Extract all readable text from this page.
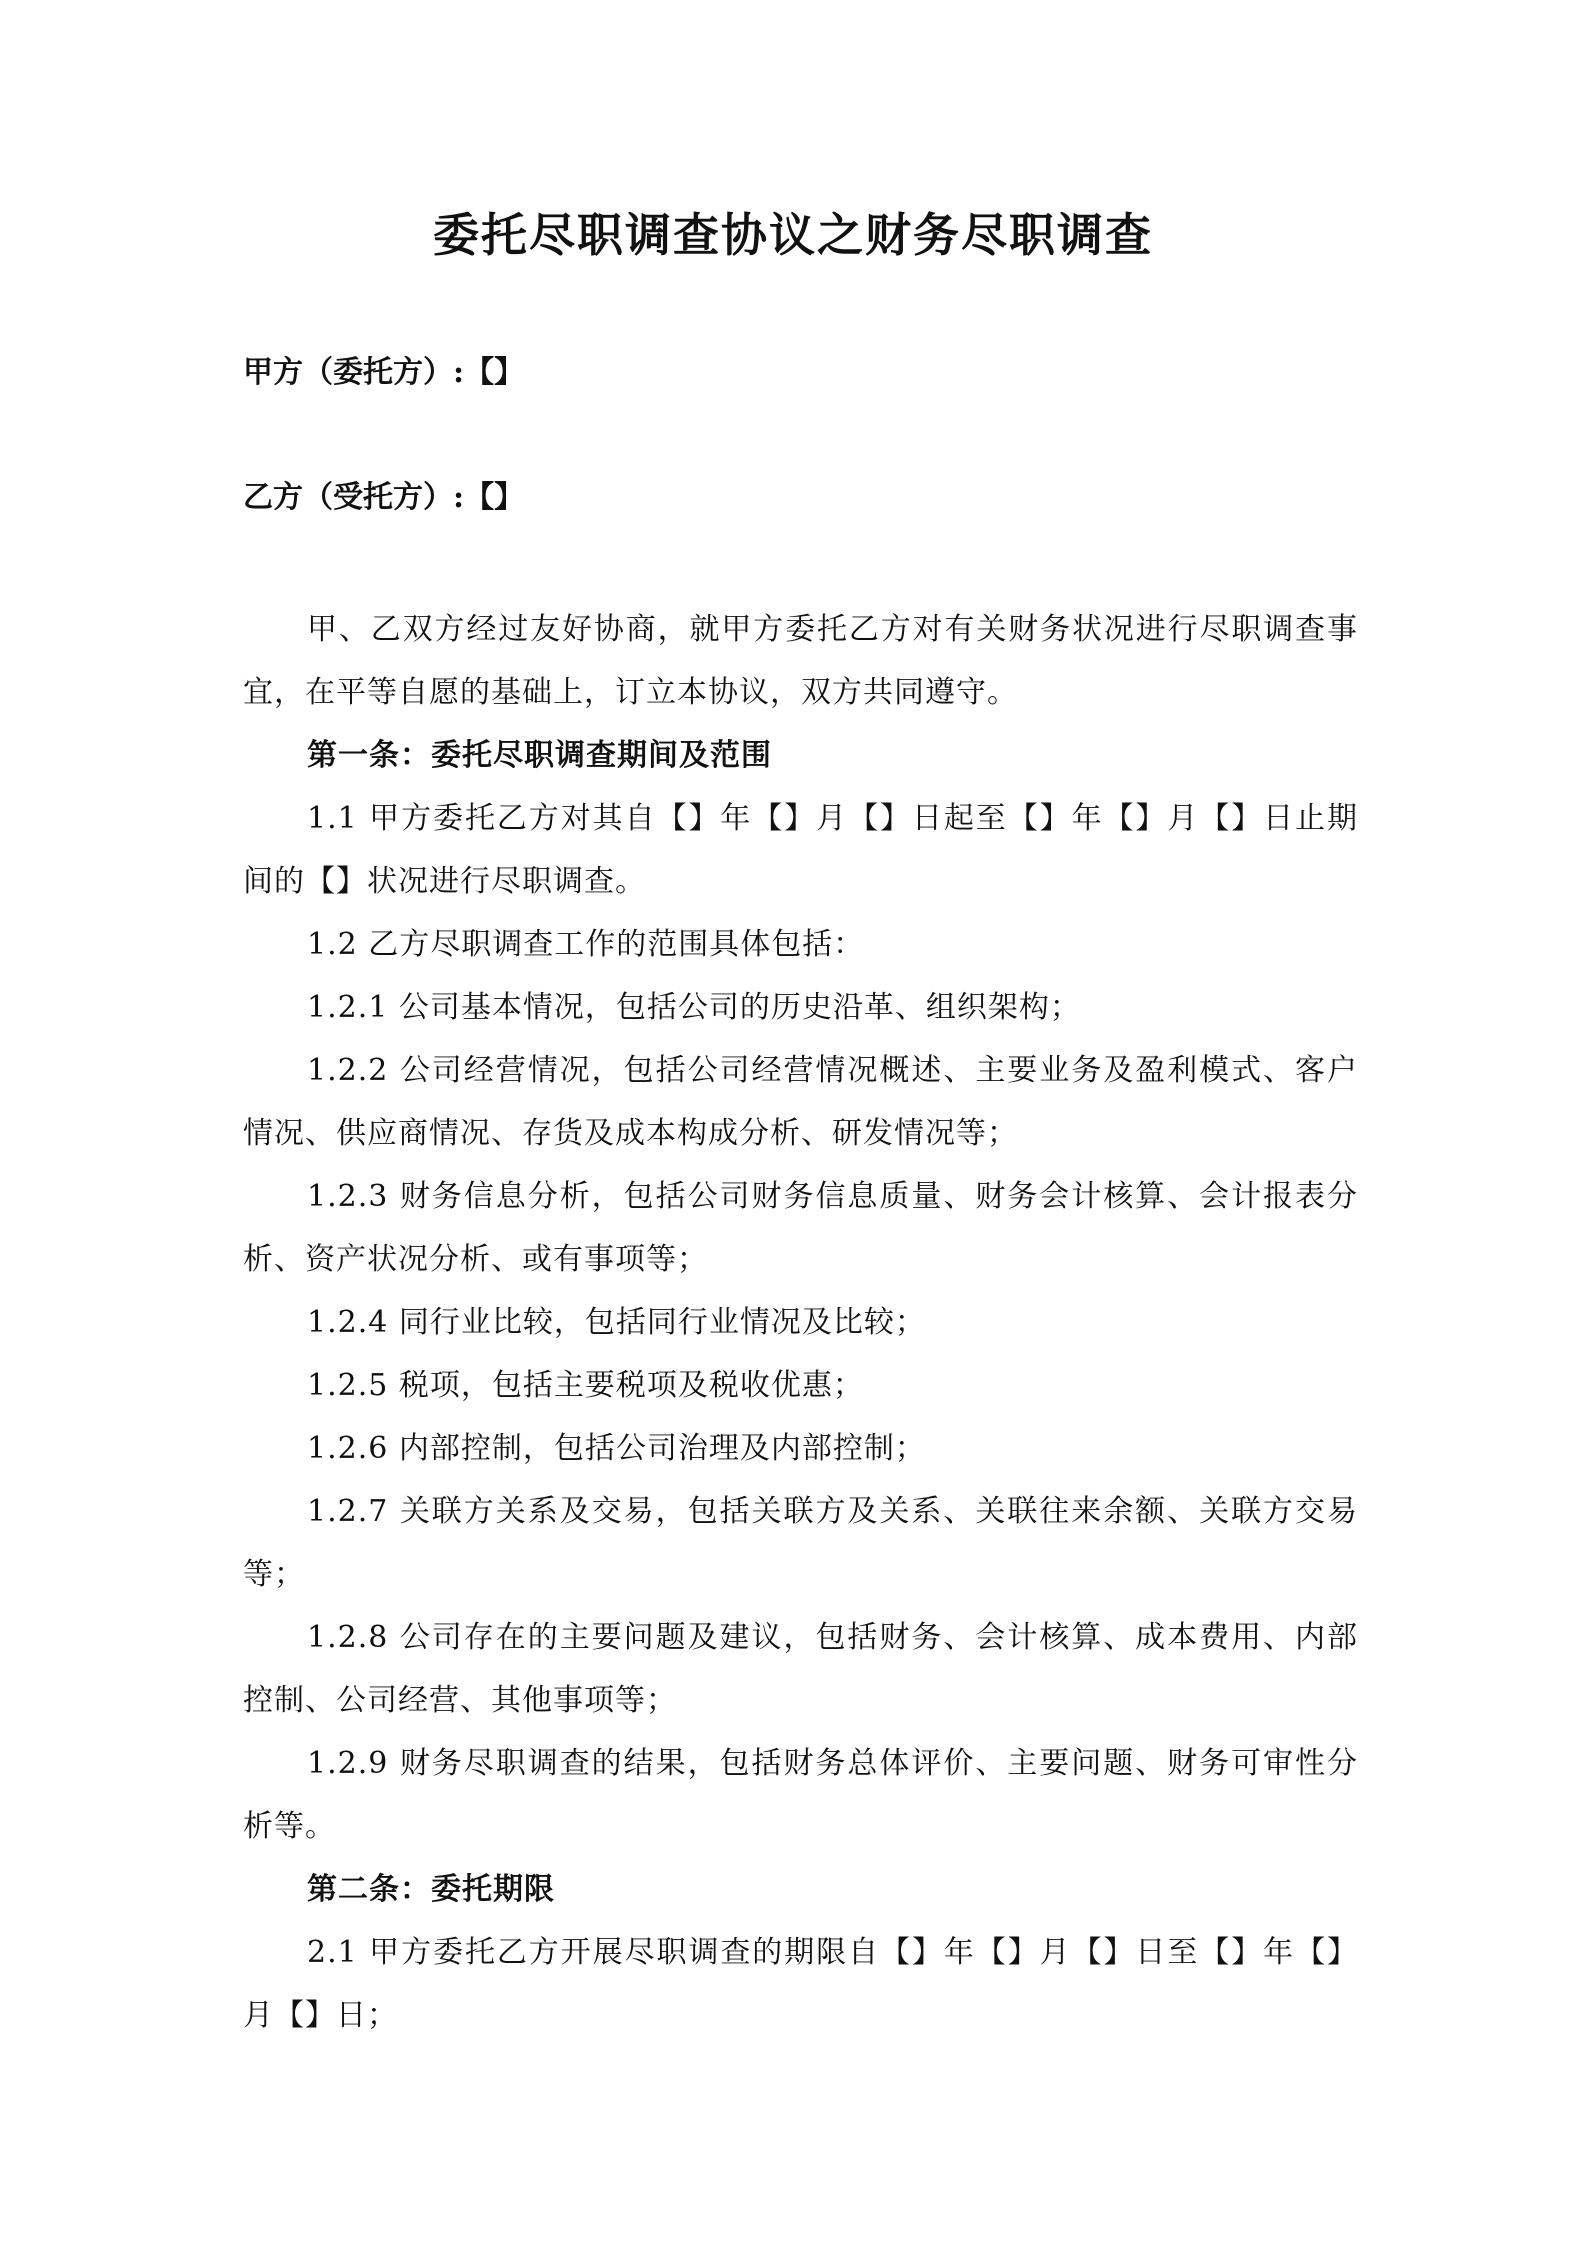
委托尽职调查协议之财务尽职调查
甲方（委托方）:【】
乙方（受托方）:【】

甲、乙双方经过友好协商，就甲方委托乙方对有关财务状况进行尽职调查事宜，在平等自愿的基础上，订立本协议，双方共同遵守。

第一条：委托尽职调查期间及范围

1.1 甲方委托乙方对其自【】年【】月【】日起至【】年【】月【】日止期间的【】状况进行尽职调查。

1.2 乙方尽职调查工作的范围具体包括：

1.2.1 公司基本情况，包括公司的历史沿革、组织架构；

1.2.2 公司经营情况，包括公司经营情况概述、主要业务及盈利模式、客户情况、供应商情况、存货及成本构成分析、研发情况等；

1.2.3 财务信息分析，包括公司财务信息质量、财务会计核算、会计报表分析、资产状况分析、或有事项等；

1.2.4 同行业比较，包括同行业情况及比较；

1.2.5 税项，包括主要税项及税收优惠；

1.2.6 内部控制，包括公司治理及内部控制；

1.2.7 关联方关系及交易，包括关联方及关系、关联往来余额、关联方交易等；

1.2.8 公司存在的主要问题及建议，包括财务、会计核算、成本费用、内部控制、公司经营、其他事项等；

1.2.9 财务尽职调查的结果，包括财务总体评价、主要问题、财务可审性分析等。

第二条：委托期限

2.1 甲方委托乙方开展尽职调查的期限自【】年【】月【】日至【】年【】月【】日；
